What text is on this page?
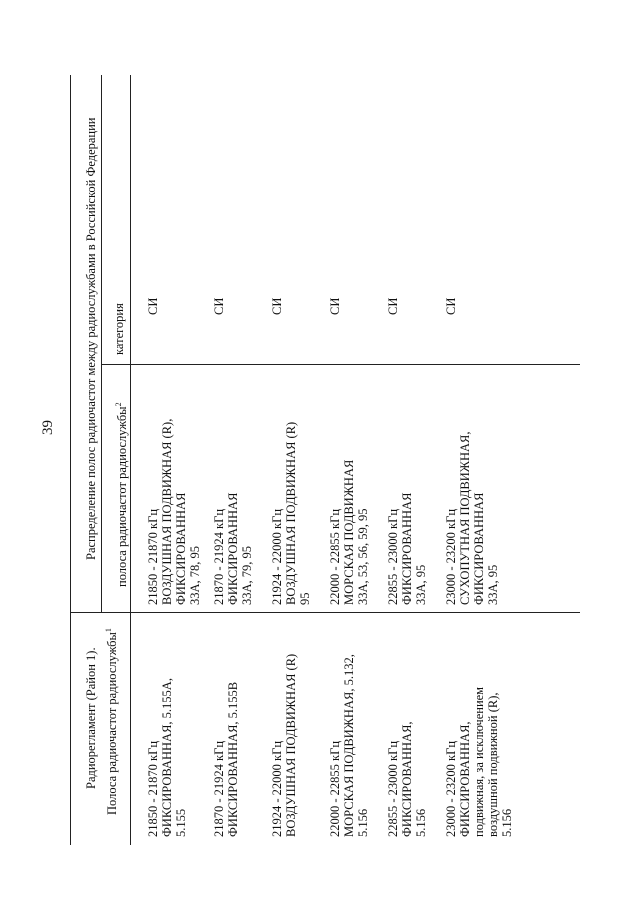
39
Радиорегламент (Район 1). Полоса радиочастот радиослужбы$^1$
Распределение полос радиочастот между радиослужбами в Российской Федерации полоса радиочастот радиослужбы$^2$
категория
21850 - 21870 кГц ФИКСИРОВАННАЯ, 5.155А, 5.155
21850 - 21870 кГц ВОЗДУШНАЯ ПОДВИЖНАЯ (R), ФИКСИРОВАННАЯ 33А, 78, 95
СИ
21870 - 21924 кГц ФИКСИРОВАННАЯ, 5.155В
21870 - 21924 кГц ФИКСИРОВАННАЯ 33А, 79, 95
СИ
21924 - 22000 кГц ВОЗДУШНАЯ ПОДВИЖНАЯ (R)
21924 - 22000 кГц ВОЗДУШНАЯ ПОДВИЖНАЯ (R) 95
СИ
22000 - 22855 кГц МОРСКАЯ ПОДВИЖНАЯ, 5.132, 5.156
22000 - 22855 кГц МОРСКАЯ ПОДВИЖНАЯ 33А, 53, 56, 59, 95
СИ
22855 - 23000 кГц ФИКСИРОВАННАЯ, 5.156
22855 - 23000 кГц ФИКСИРОВАННАЯ 33А, 95
СИ
23000 - 23200 кГц ФИКСИРОВАННАЯ, подвижная, за исключением воздушной подвижной (R), 5.156
23000 - 23200 кГц СУХОПУТНАЯ ПОДВИЖНАЯ, ФИКСИРОВАННАЯ 33А, 95
СИ
